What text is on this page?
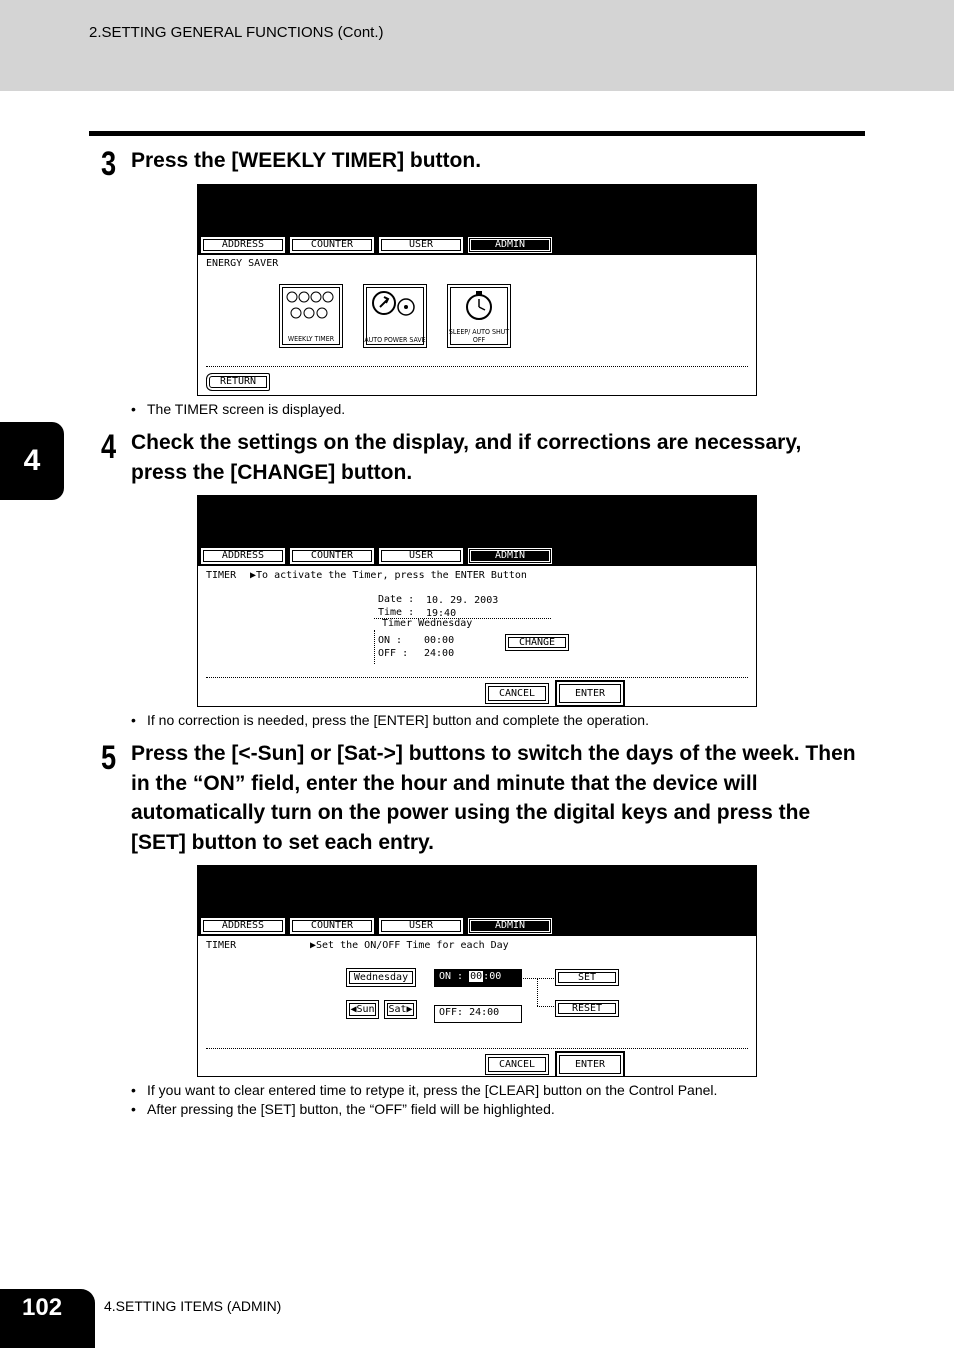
2.SETTING GENERAL FUNCTIONS (Cont.)
4
3 Press the [WEEKLY TIMER] button.
ADDRESS	COUNTER	USER	ADMIN
ENERGY SAVER
WEEKLY TIMER	AUTO POWER SAVE
SLEEP/ AUTO SHUT OFF
RETURN
• The TIMER screen is displayed.
4 Check the settings on the display, and if corrections are necessary, press the [CHANGE] button.
ADDRESS	COUNTER	USER	ADMIN
TIMER ▶To activate the Timer, press the ENTER Button
Date : 10. 29. 2003
Time : 19:40
Timer Wednesday
ON : 00:00
OFF : 24:00
CHANGE
CANCEL	ENTER
• If no correction is needed, press the [ENTER] button and complete the operation.
5 Press the [<-Sun] or [Sat->] buttons to switch the days of the week. Then in the “ON” field, enter the hour and minute that the device will automatically turn on the power using the digital keys and press the [SET] button to set each entry.
ADDRESS	COUNTER	USER	ADMIN
TIMER	▶Set the ON/OFF Time for each Day
Wednesday
◀Sun	Sat▶
ON : 00:00
OFF: 24:00
SET
RESET
CANCEL	ENTER
• If you want to clear entered time to retype it, press the [CLEAR] button on the Control Panel.
• After pressing the [SET] button, the “OFF” field will be highlighted.
102	4.SETTING ITEMS (ADMIN)
